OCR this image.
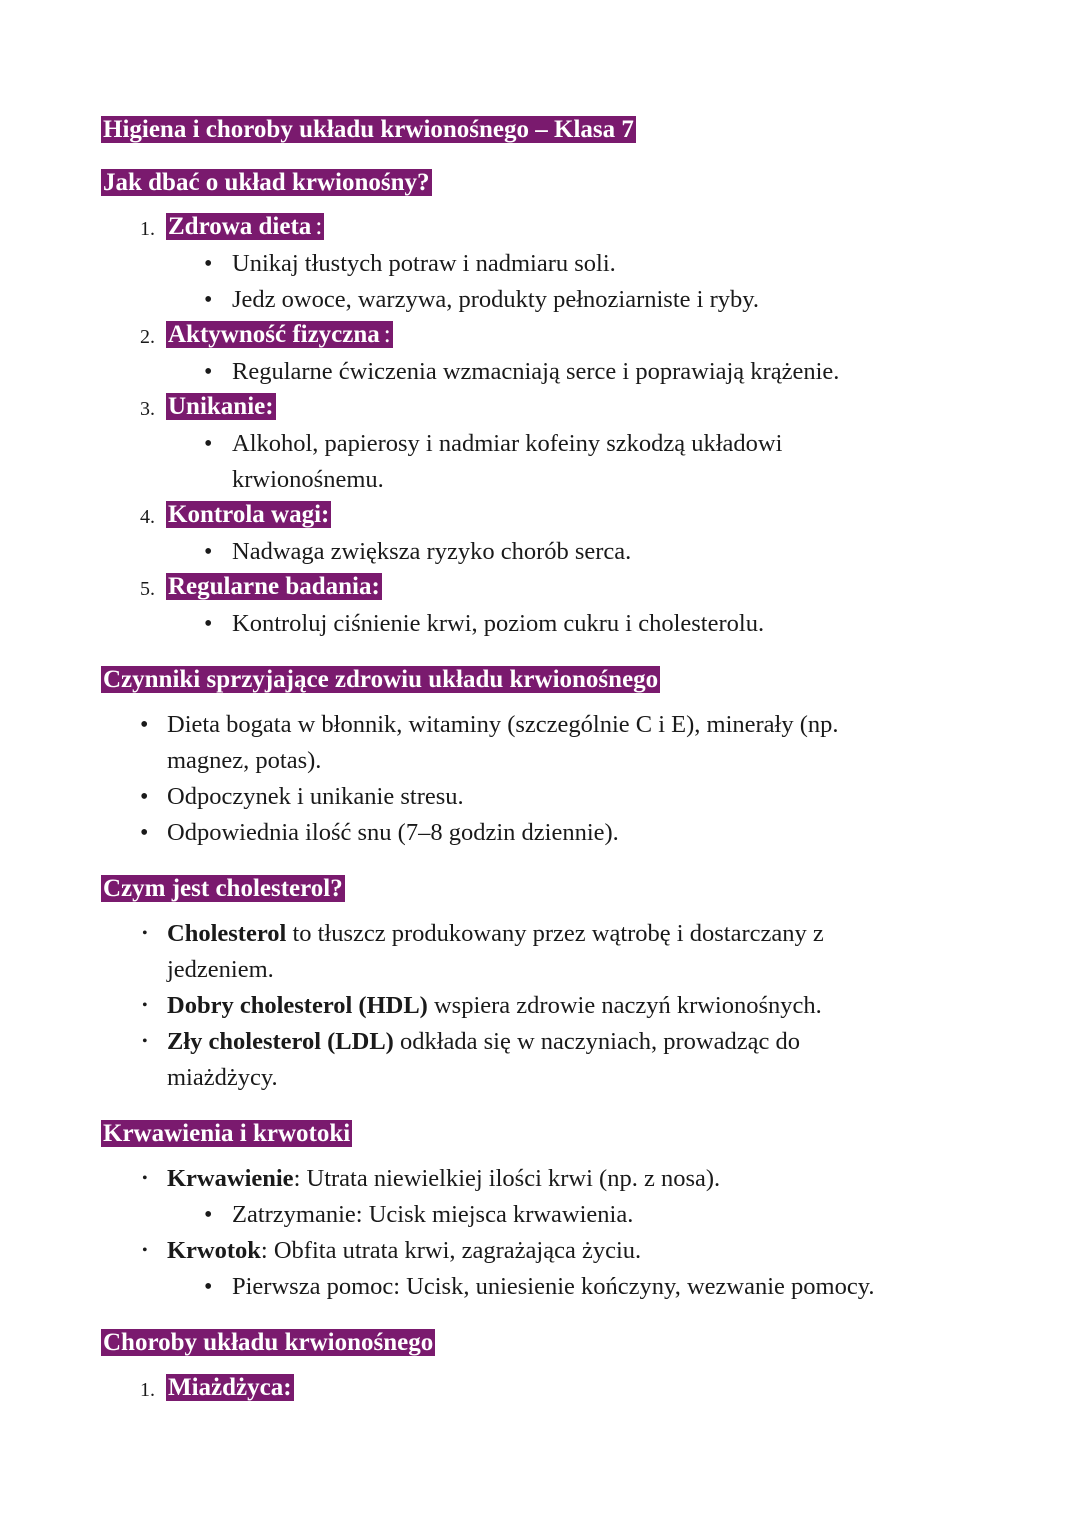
Higiena i choroby układu krwionośnego – Klasa 7
Jak dbać o układ krwionośny?
1. Zdrowa dieta :
• Unikaj tłustych potraw i nadmiaru soli.
• Jedz owoce, warzywa, produkty pełnoziarniste i ryby.
2. Aktywność fizyczna :
• Regularne ćwiczenia wzmacniają serce i poprawiają krążenie.
3. Unikanie:
• Alkohol, papierosy i nadmiar kofeiny szkodzą układowi
krwionośnemu.
4. Kontrola wagi:
• Nadwaga zwiększa ryzyko chorób serca.
5. Regularne badania:
• Kontroluj ciśnienie krwi, poziom cukru i cholesterolu.
Czynniki sprzyjające zdrowiu układu krwionośnego
• Dieta bogata w błonnik, witaminy (szczególnie C i E), minerały (np.
magnez, potas).
• Odpoczynek i unikanie stresu.
• Odpowiednia ilość snu (7–8 godzin dziennie).
Czym jest cholesterol?
• Cholesterol to tłuszcz produkowany przez wątrobę i dostarczany z
jedzeniem.
• Dobry cholesterol (HDL) wspiera zdrowie naczyń krwionośnych.
• Zły cholesterol (LDL) odkłada się w naczyniach, prowadząc do
miażdżycy.
Krwawienia i krwotoki
• Krwawienie: Utrata niewielkiej ilości krwi (np. z nosa).
• Zatrzymanie: Ucisk miejsca krwawienia.
• Krwotok: Obfita utrata krwi, zagrażająca życiu.
• Pierwsza pomoc: Ucisk, uniesienie kończyny, wezwanie pomocy.
Choroby układu krwionośnego
1. Miażdżyca:
